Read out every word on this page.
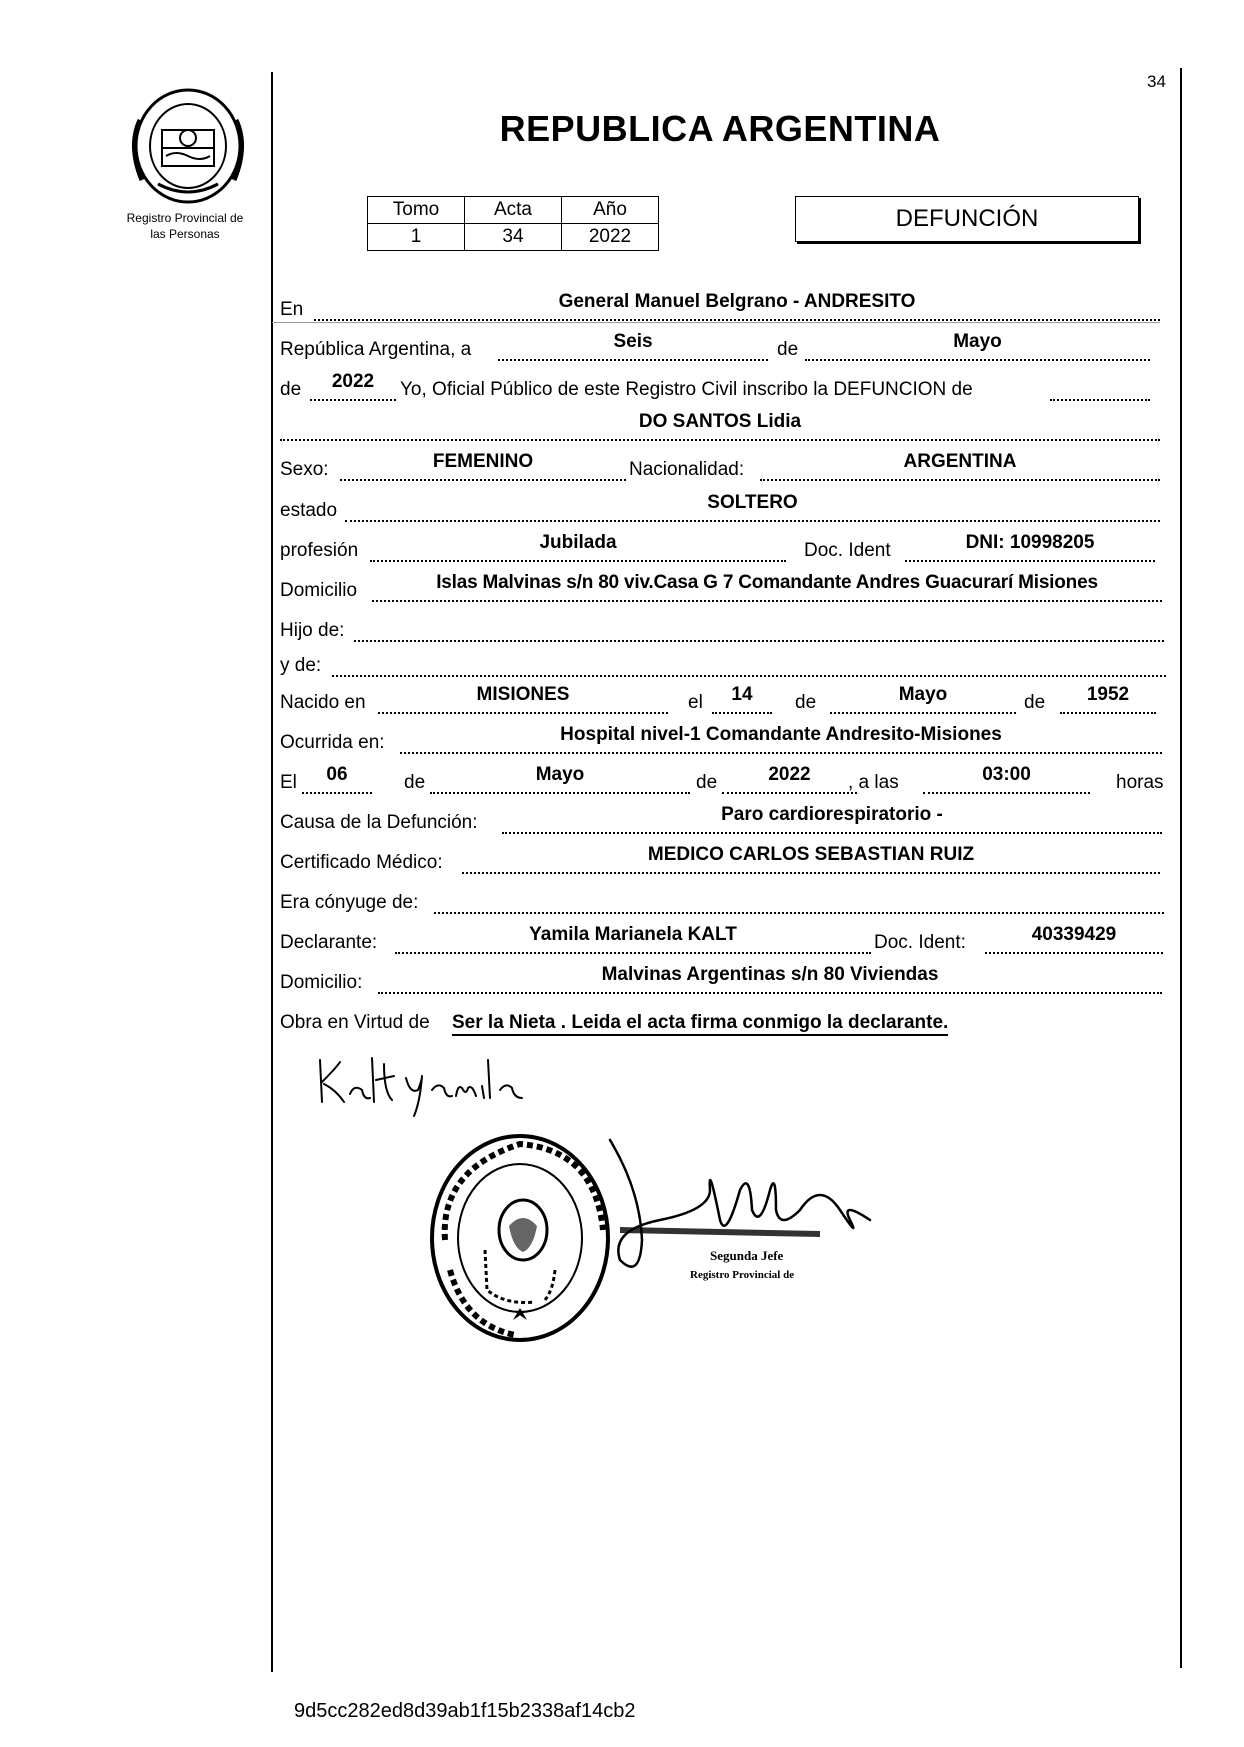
Registro Provincial de
las Personas
34
REPUBLICA ARGENTINA
Tomo	Acta	Año
1	34	2022
DEFUNCIÓN
En	General Manuel Belgrano - ANDRESITO
República Argentina, a	Seis	de	Mayo
de	2022	Yo, Oficial Público de este Registro Civil inscribo la DEFUNCION de
DO SANTOS Lidia
Sexo:	FEMENINO	Nacionalidad:	ARGENTINA
estado	SOLTERO
profesión	Jubilada	Doc. Ident	DNI: 10998205
Domicilio	Islas Malvinas s/n 80 viv.Casa G 7 Comandante Andres Guacurarí Misiones
Hijo de:
y de:
Nacido en	MISIONES	el	14	de	Mayo	de	1952
Ocurrida en:	Hospital nivel-1 Comandante Andresito-Misiones
El	06	de	Mayo	de	2022	, a las	03:00	horas
Causa de la Defunción:	Paro cardiorespiratorio -
Certificado Médico:	MEDICO CARLOS SEBASTIAN RUIZ
Era cónyuge de:
Declarante:	Yamila Marianela KALT	Doc. Ident:	40339429
Domicilio:	Malvinas Argentinas s/n 80 Viviendas
Obra en Virtud de Ser la Nieta . Leida el acta firma conmigo la declarante.
Segunda Jefe
Registro Provincial de
9d5cc282ed8d39ab1f15b2338af14cb2
